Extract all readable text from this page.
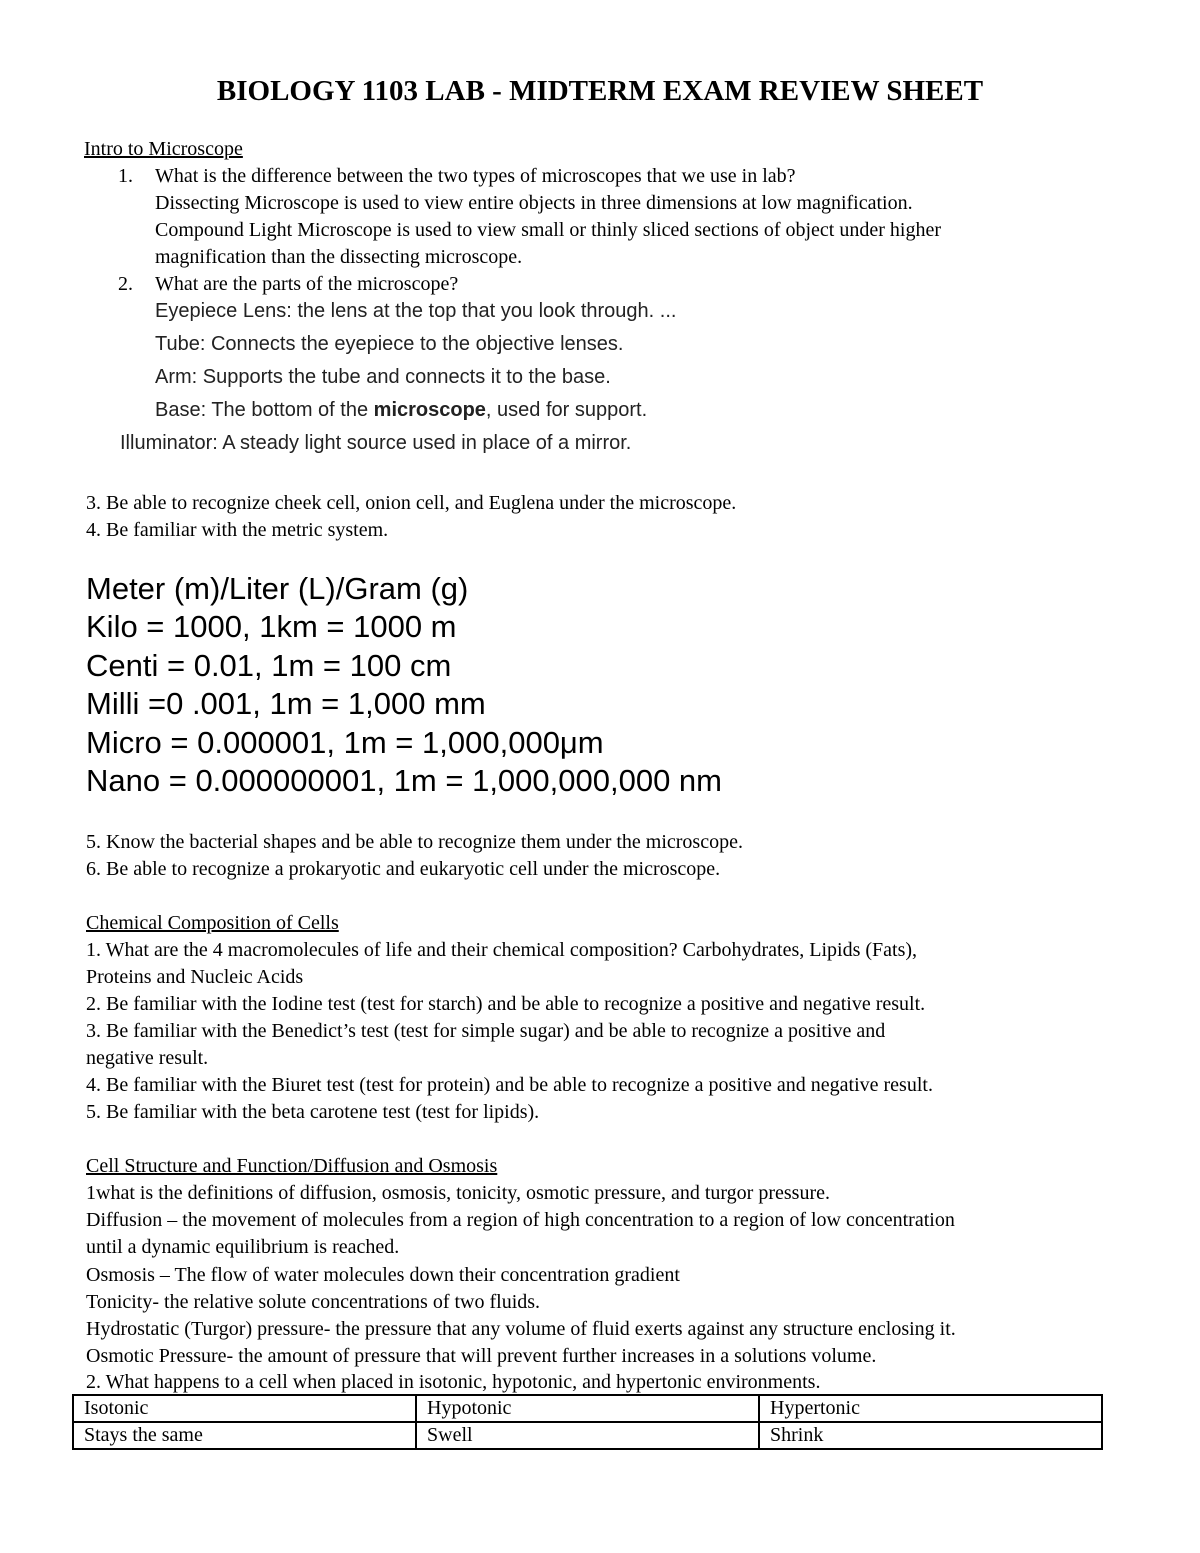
BIOLOGY 1103 LAB - MIDTERM EXAM REVIEW SHEET
Intro to Microscope
1. What is the difference between the two types of microscopes that we use in lab?
Dissecting Microscope is used to view entire objects in three dimensions at low magnification.
Compound Light Microscope is used to view small or thinly sliced sections of object under higher
magnification than the dissecting microscope.
2. What are the parts of the microscope?
Eyepiece Lens: the lens at the top that you look through. ...
Tube: Connects the eyepiece to the objective lenses.
Arm: Supports the tube and connects it to the base.
Base: The bottom of the microscope, used for support.
Illuminator: A steady light source used in place of a mirror.
3. Be able to recognize cheek cell, onion cell, and Euglena under the microscope.
4. Be familiar with the metric system.
Meter (m)/Liter (L)/Gram (g)
Kilo = 1000, 1km = 1000 m
Centi = 0.01, 1m = 100 cm
Milli =0 .001, 1m = 1,000 mm
Micro = 0.000001, 1m = 1,000,000μm
Nano = 0.000000001, 1m = 1,000,000,000 nm
5. Know the bacterial shapes and be able to recognize them under the microscope.
6. Be able to recognize a prokaryotic and eukaryotic cell under the microscope.
Chemical Composition of Cells
1. What are the 4 macromolecules of life and their chemical composition? Carbohydrates, Lipids (Fats),
Proteins and Nucleic Acids
2. Be familiar with the Iodine test (test for starch) and be able to recognize a positive and negative result.
3. Be familiar with the Benedict’s test (test for simple sugar) and be able to recognize a positive and
negative result.
4. Be familiar with the Biuret test (test for protein) and be able to recognize a positive and negative result.
5. Be familiar with the beta carotene test (test for lipids).
Cell Structure and Function/Diffusion and Osmosis
1what is the definitions of diffusion, osmosis, tonicity, osmotic pressure, and turgor pressure.
Diffusion – the movement of molecules from a region of high concentration to a region of low concentration
until a dynamic equilibrium is reached.
Osmosis – The flow of water molecules down their concentration gradient
Tonicity- the relative solute concentrations of two fluids.
Hydrostatic (Turgor) pressure- the pressure that any volume of fluid exerts against any structure enclosing it.
Osmotic Pressure- the amount of pressure that will prevent further increases in a solutions volume.
2. What happens to a cell when placed in isotonic, hypotonic, and hypertonic environments.
Isotonic	Hypotonic	Hypertonic
Stays the same	Swell	Shrink
